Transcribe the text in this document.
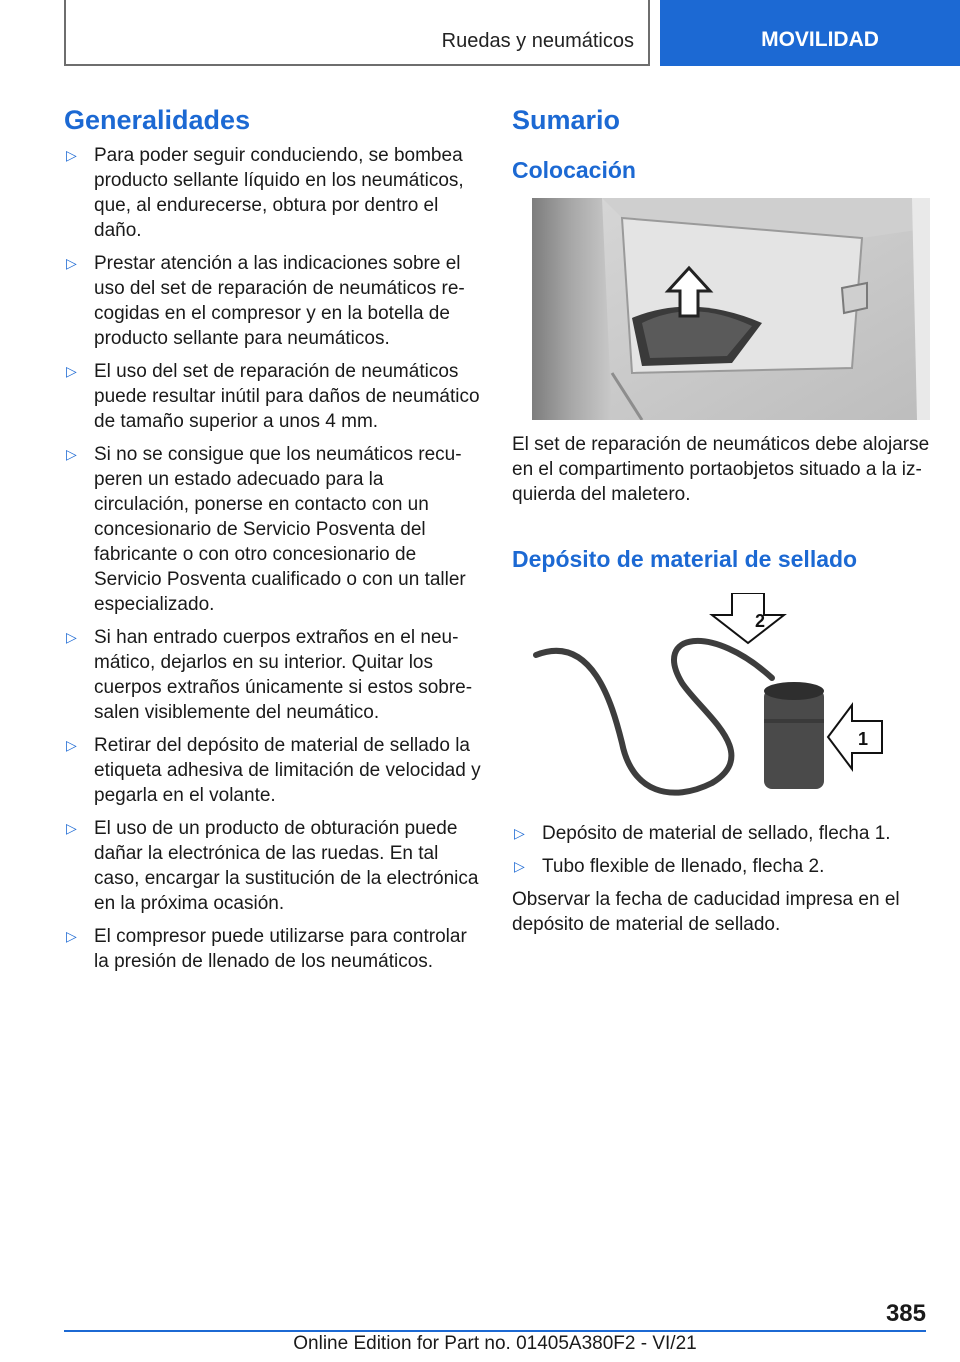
Ruedas y neumáticos	MOVILIDAD
Generalidades
▷ Para poder seguir conduciendo, se bombea producto sellante líquido en los neumáticos, que, al endurecerse, obtura por dentro el daño.
▷ Prestar atención a las indicaciones sobre el uso del set de reparación de neumáticos recogidas en el compresor y en la botella de producto sellante para neumáticos.
▷ El uso del set de reparación de neumáticos puede resultar inútil para daños de neumático de tamaño superior a unos 4 mm.
▷ Si no se consigue que los neumáticos recuperen un estado adecuado para la circulación, ponerse en contacto con un concesionario de Servicio Posventa del fabricante o con otro concesionario de Servicio Posventa cualificado o con un taller especializado.
▷ Si han entrado cuerpos extraños en el neumático, dejarlos en su interior. Quitar los cuerpos extraños únicamente si estos sobresalen visiblemente del neumático.
▷ Retirar del depósito de material de sellado la etiqueta adhesiva de limitación de velocidad y pegarla en el volante.
▷ El uso de un producto de obturación puede dañar la electrónica de las ruedas. En tal caso, encargar la sustitución de la electrónica en la próxima ocasión.
▷ El compresor puede utilizarse para controlar la presión de llenado de los neumáticos.
Sumario
Colocación

El set de reparación de neumáticos debe alojarse en el compartimento portaobjetos situado a la izquierda del maletero.

Depósito de material de sellado
2
1
▷ Depósito de material de sellado, flecha 1.
▷ Tubo flexible de llenado, flecha 2.

Observar la fecha de caducidad impresa en el depósito de material de sellado.

385
Online Edition for Part no. 01405A380F2 - VI/21
